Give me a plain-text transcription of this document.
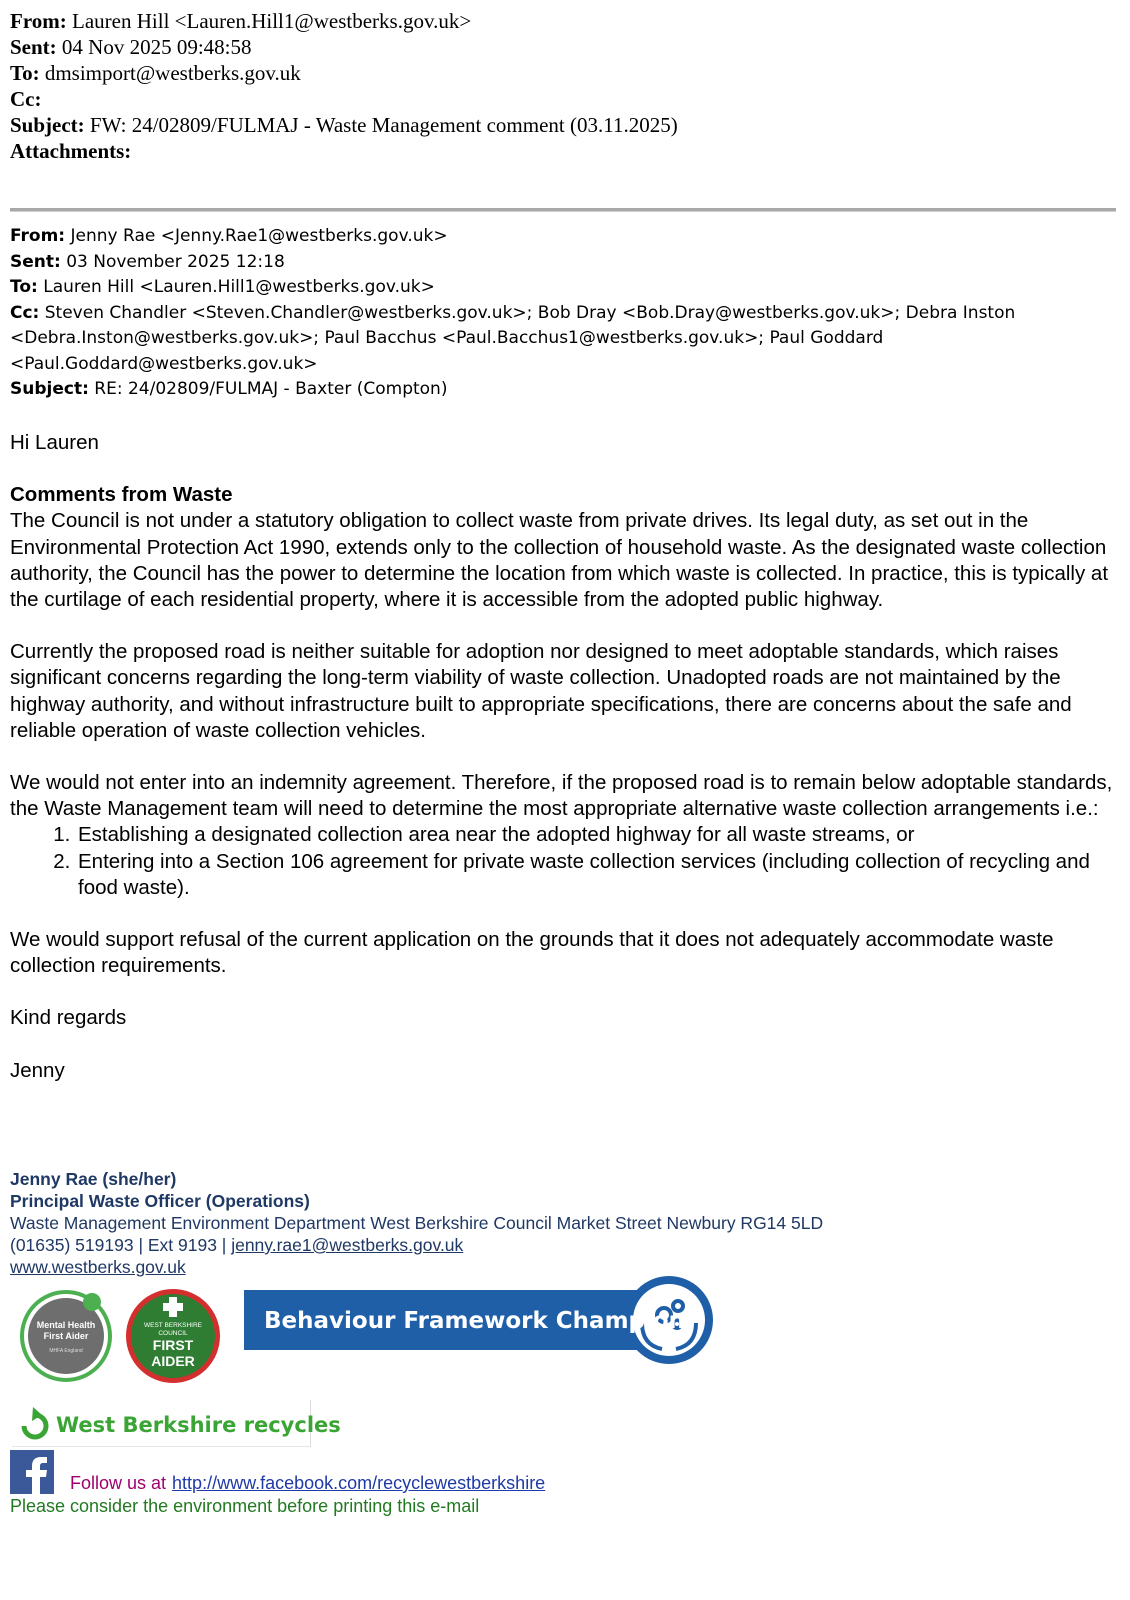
From: Lauren Hill <Lauren.Hill1@westberks.gov.uk>
Sent: 04 Nov 2025 09:48:58
To: dmsimport@westberks.gov.uk
Cc:
Subject: FW: 24/02809/FULMAJ - Waste Management comment (03.11.2025)
Attachments:
From: Jenny Rae <Jenny.Rae1@westberks.gov.uk>
Sent: 03 November 2025 12:18
To: Lauren Hill <Lauren.Hill1@westberks.gov.uk>
Cc: Steven Chandler <Steven.Chandler@westberks.gov.uk>; Bob Dray <Bob.Dray@westberks.gov.uk>; Debra Inston
<Debra.Inston@westberks.gov.uk>; Paul Bacchus <Paul.Bacchus1@westberks.gov.uk>; Paul Goddard
<Paul.Goddard@westberks.gov.uk>
Subject: RE: 24/02809/FULMAJ - Baxter (Compton)

Hi Lauren

Comments from Waste

The Council is not under a statutory obligation to collect waste from private drives. Its legal duty, as set out in the Environmental Protection Act 1990, extends only to the collection of household waste. As the designated waste collection authority, the Council has the power to determine the location from which waste is collected. In practice, this is typically at the curtilage of each residential property, where it is accessible from the adopted public highway.

Currently the proposed road is neither suitable for adoption nor designed to meet adoptable standards, which raises significant concerns regarding the long-term viability of waste collection. Unadopted roads are not maintained by the highway authority, and without infrastructure built to appropriate specifications, there are concerns about the safe and reliable operation of waste collection vehicles.

We would not enter into an indemnity agreement. Therefore, if the proposed road is to remain below adoptable standards, the Waste Management team will need to determine the most appropriate alternative waste collection arrangements i.e.:

1. Establishing a designated collection area near the adopted highway for all waste streams, or
2. Entering into a Section 106 agreement for private waste collection services (including collection of recycling and food waste).

We would support refusal of the current application on the grounds that it does not adequately accommodate waste collection requirements.

Kind regards

Jenny

Jenny Rae (she/her)
Principal Waste Officer (Operations)
Waste Management Environment Department West Berkshire Council Market Street Newbury RG14 5LD
(01635) 519193 | Ext 9193 | jenny.rae1@westberks.gov.uk
www.westberks.gov.uk
Mental Health
First Aider
MHFA England
WEST BERKSHIRE
COUNCIL
FIRST
AIDER
Behaviour Framework Champion
West Berkshire recycles
Follow us at http://www.facebook.com/recyclewestberkshire
Please consider the environment before printing this e-mail
